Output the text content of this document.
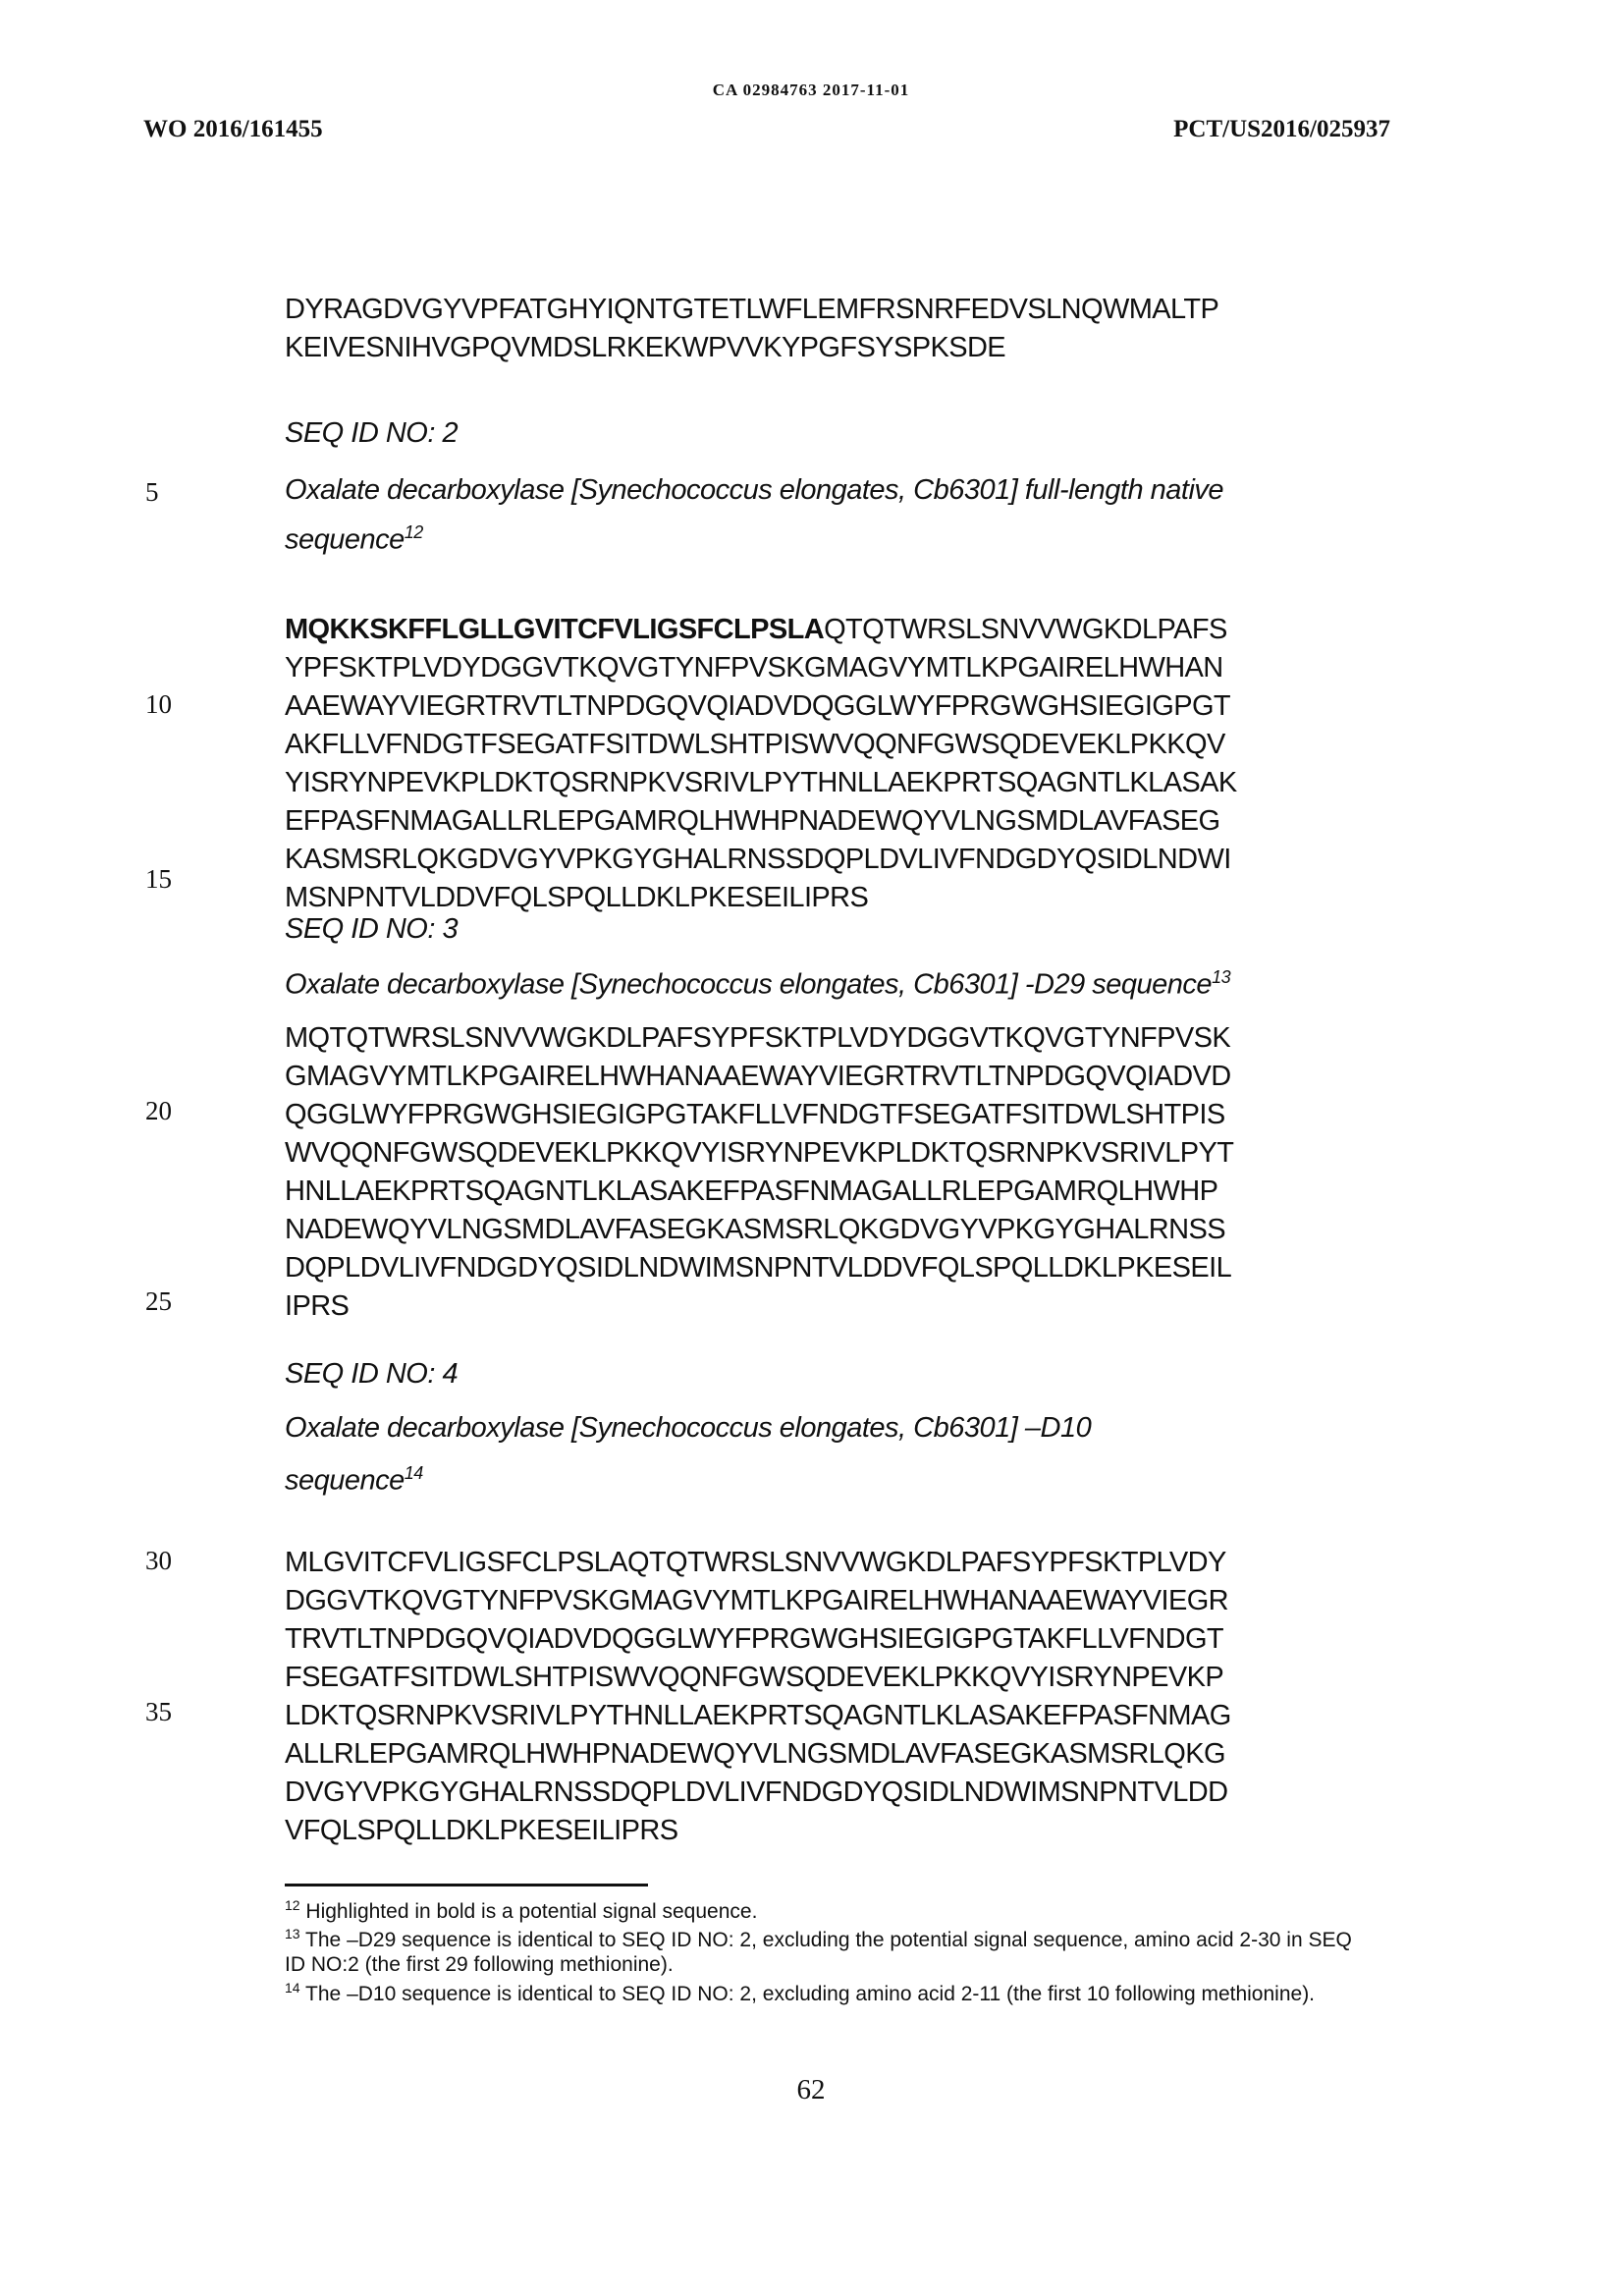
CA 02984763 2017-11-01
WO 2016/161455	PCT/US2016/025937
DYRAGDVGYVPFATGHYIQNTGTETLWFLEMFRSNRFEDVSLNQWMALTP
KEIVESNIHVGPQVMDSLRKEKWPVVKYPGFSYSPKSDE
SEQ ID NO: 2
Oxalate decarboxylase [Synechococcus elongates, Cb6301] full-length native
sequence$^{12}$
MQKKSKFFLGLLGVITCFVLIGSFCLPSLAQTQTWRSLSNVVWGKDLPAFS
YPFSKTPLVDYDGGVTKQVGTYNFPVSKGMAGVYMTLKPGAIRELHWHAN
AAEWAYVIEGRTRVTLTNPDGQVQIADVDQGGLWYFPRGWGHSIEGIGPGT
AKFLLVFNDGTFSEGATFSITDWLSHTPISWVQQNFGWSQDEVEKLPKKQV
YISRYNPEVKPLDKTQSRNPKVSRIVLPYTHNLLAEKPRTSQAGNTLKLASAK
EFPASFNMAGALLRLEPGAMRQLHWHPNADEWQYVLNGSMDLAVFASEG
KASMSRLQKGDVGYVPKGYGHALRNSSDQPLDVLIVFNDGDYQSIDLNDWI
MSNPNTVLDDVFQLSPQLLDKLPKESEILIPRS
SEQ ID NO: 3
Oxalate decarboxylase [Synechococcus elongates, Cb6301] -D29 sequence$^{13}$
MQTQTWRSLSNVVWGKDLPAFSYPFSKTPLVDYDGGVTKQVGTYNFPVSK
GMAGVYMTLKPGAIRELHWHANAAEWAYVIEGRTRVTLTNPDGQVQIADVD
QGGLWYFPRGWGHSIEGIGPGTAKFLLVFNDGTFSEGATFSITDWLSHTPIS
WVQQNFGWSQDEVEKLPKKQVYISRYNPEVKPLDKTQSRNPKVSRIVLPYT
HNLLAEKPRTSQAGNTLKLASAKEFPASFNMAGALLRLEPGAMRQLHWHP
NADEWQYVLNGSMDLAVFASEGKASMSRLQKGDVGYVPKGYGHALRNSS
DQPLDVLIVFNDGDYQSIDLNDWIMSNPNTVLDDVFQLSPQLLDKLPKESEIL
IPRS
SEQ ID NO: 4
Oxalate decarboxylase [Synechococcus elongates, Cb6301] –D10
sequence$^{14}$
MLGVITCFVLIGSFCLPSLAQTQTWRSLSNVVWGKDLPAFSYPFSKTPLVDY
DGGVTKQVGTYNFPVSKGMAGVYMTLKPGAIRELHWHANAAEWAYVIEGR
TRVTLTNPDGQVQIADVDQGGLWYFPRGWGHSIEGIGPGTAKFLLVFNDGT
FSEGATFSITDWLSHTPISWVQQNFGWSQDEVEKLPKKQVYISRYNPEVKP
LDKTQSRNPKVSRIVLPYTHNLLAEKPRTSQAGNTLKLASAKEFPASFNMAG
ALLRLEPGAMRQLHWHPNADEWQYVLNGSMDLAVFASEGKASMSRLQKG
DVGYVPKGYGHALRNSSDQPLDVLIVFNDGDYQSIDLNDWIMSNPNTVLDD
VFQLSPQLLDKLPKESEILIPRS
5
10
15
20
25
30
35
$^{12}$ Highlighted in bold is a potential signal sequence.
$^{13}$ The –D29 sequence is identical to SEQ ID NO: 2, excluding the potential signal sequence, amino acid 2-30 in SEQ ID NO:2 (the first 29 following methionine).
$^{14}$ The –D10 sequence is identical to SEQ ID NO: 2, excluding amino acid 2-11 (the first 10 following methionine).
62
